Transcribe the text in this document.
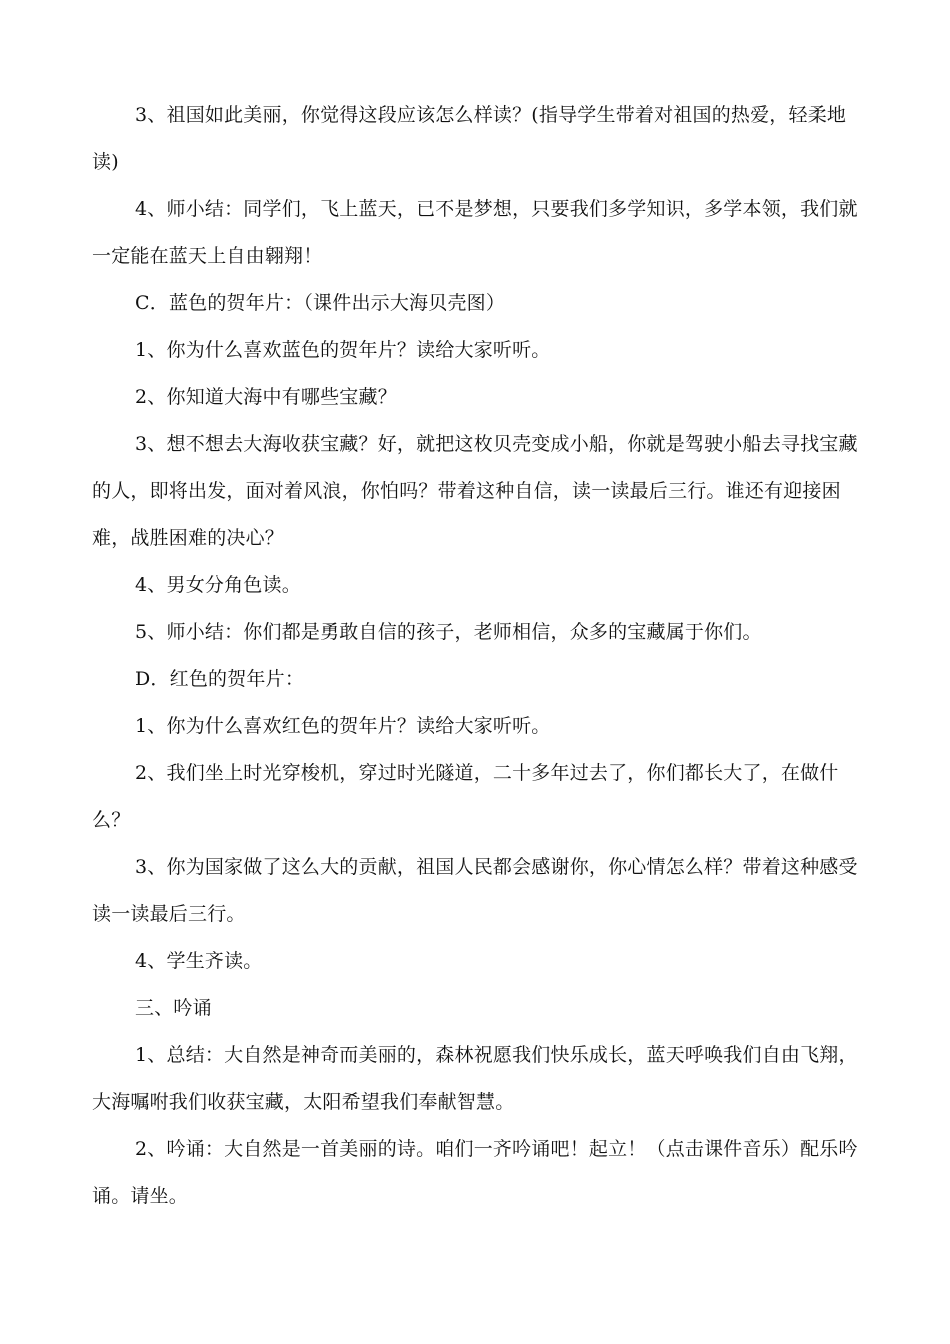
3、祖国如此美丽，你觉得这段应该怎么样读？(指导学生带着对祖国的热爱，轻柔地读)

4、师小结：同学们，飞上蓝天，已不是梦想，只要我们多学知识，多学本领，我们就一定能在蓝天上自由翱翔！

C．蓝色的贺年片：（课件出示大海贝壳图）

1、你为什么喜欢蓝色的贺年片？读给大家听听。

2、你知道大海中有哪些宝藏？

3、想不想去大海收获宝藏？好，就把这枚贝壳变成小船，你就是驾驶小船去寻找宝藏的人，即将出发，面对着风浪，你怕吗？带着这种自信，读一读最后三行。谁还有迎接困难，战胜困难的决心？

4、男女分角色读。

5、师小结：你们都是勇敢自信的孩子，老师相信，众多的宝藏属于你们。

D．红色的贺年片：

1、你为什么喜欢红色的贺年片？读给大家听听。

2、我们坐上时光穿梭机，穿过时光隧道，二十多年过去了，你们都长大了，在做什么？

3、你为国家做了这么大的贡献，祖国人民都会感谢你，你心情怎么样？带着这种感受读一读最后三行。

4、学生齐读。

三、吟诵

1、总结：大自然是神奇而美丽的，森林祝愿我们快乐成长，蓝天呼唤我们自由飞翔，大海嘱咐我们收获宝藏，太阳希望我们奉献智慧。

2、吟诵：大自然是一首美丽的诗。咱们一齐吟诵吧！起立！（点击课件音乐）配乐吟诵。请坐。
